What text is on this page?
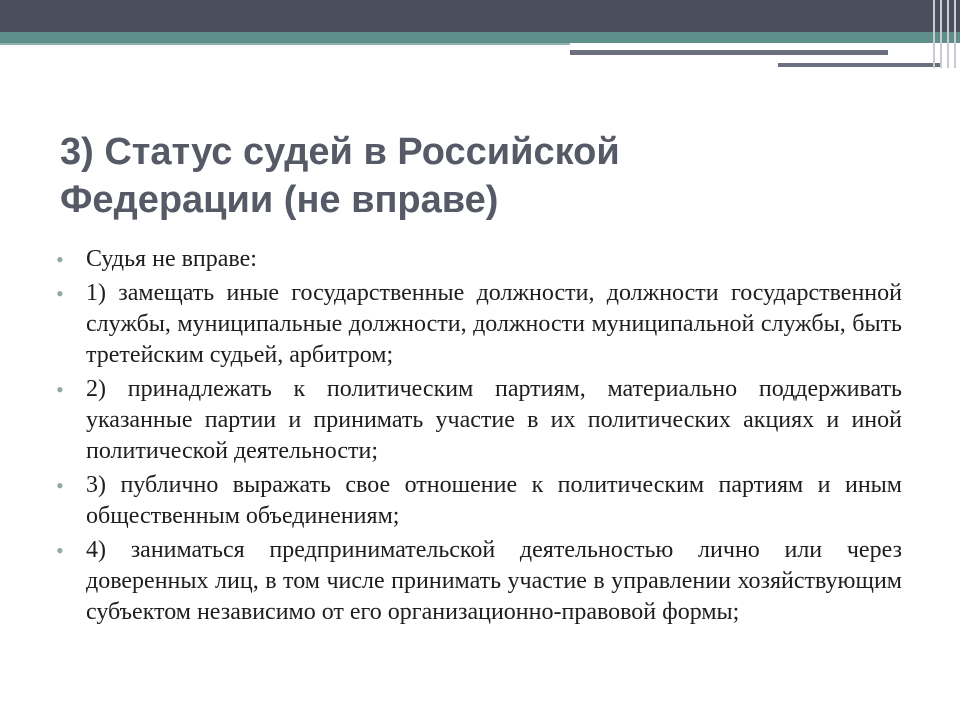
3) Статус судей в Российской
Федерации (не вправе)
• Судья не вправе:
• 1) замещать иные государственные должности, должности государственной службы, муниципальные должности, должности муниципальной службы, быть третейским судьей, арбитром;
• 2) принадлежать к политическим партиям, материально поддерживать указанные партии и принимать участие в их политических акциях и иной политической деятельности;
• 3) публично выражать свое отношение к политическим партиям и иным общественным объединениям;
• 4) заниматься предпринимательской деятельностью лично или через доверенных лиц, в том числе принимать участие в управлении хозяйствующим субъектом независимо от его организационно-правовой формы;
